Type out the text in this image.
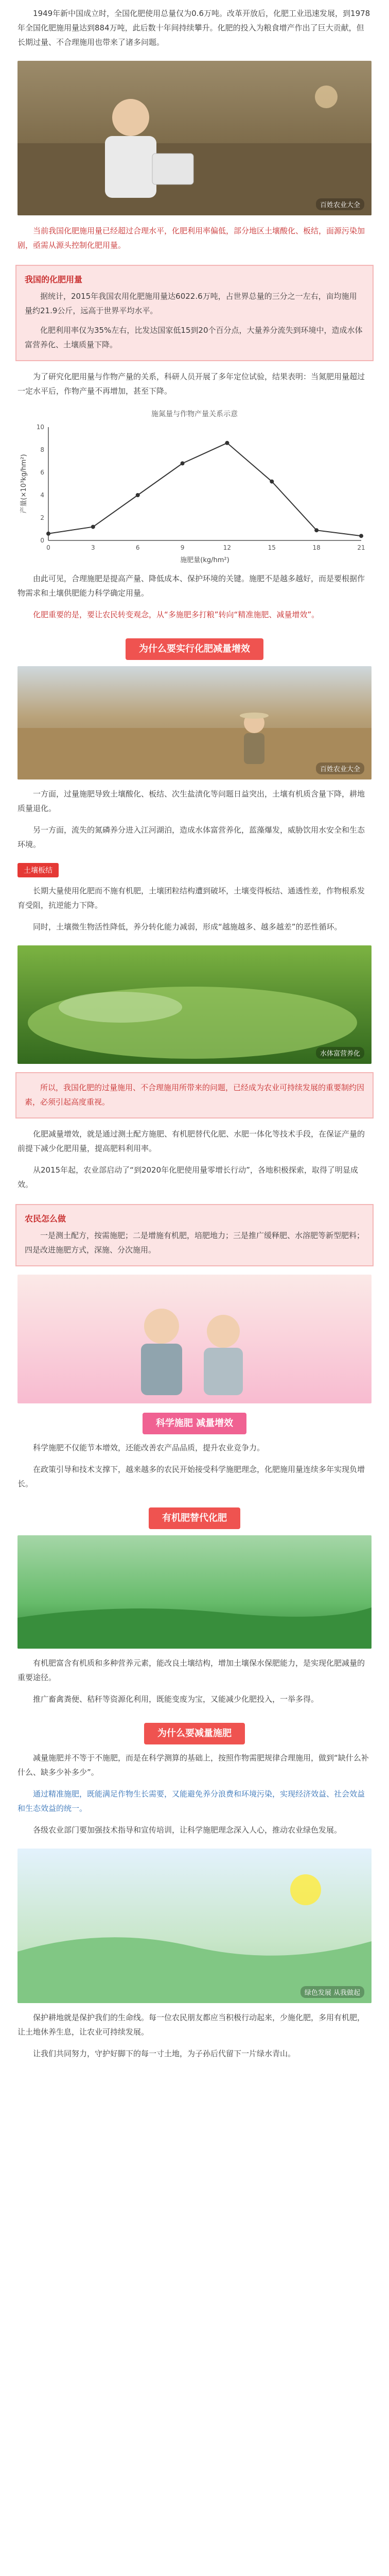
1949年新中国成立时，全国化肥使用总量仅为0.6万吨。改革开放后，化肥工业迅速发展，到1978年全国化肥施用量达到884万吨，此后数十年间持续攀升。化肥的投入为粮食增产作出了巨大贡献，但长期过量、不合理施用也带来了诸多问题。

百姓农业大全

当前我国化肥施用量已经超过合理水平，化肥利用率偏低，部分地区土壤酸化、板结，面源污染加剧，亟需从源头控制化肥用量。

我国的化肥用量

据统计，2015年我国农用化肥施用量达6022.6万吨，占世界总量的三分之一左右，亩均施用量约21.9公斤，远高于世界平均水平。

化肥利用率仅为35%左右，比发达国家低15到20个百分点，大量养分流失到环境中，造成水体富营养化、土壤质量下降。

为了研究化肥用量与作物产量的关系，科研人员开展了多年定位试验，结果表明：当氮肥用量超过一定水平后，作物产量不再增加，甚至下降。

施氮量与作物产量关系示意
0	3	6	9	12	15	18	21
0
2
4
6
8
10
施肥量(kg/hm²)
产量(×10³kg/hm²)

由此可见，合理施肥是提高产量、降低成本、保护环境的关键。施肥不是越多越好，而是要根据作物需求和土壤供肥能力科学确定用量。

化肥重要的是，要让农民转变观念，从“多施肥多打粮”转向“精准施肥、减量增效”。

为什么要实行化肥减量增效
百姓农业大全

一方面，过量施肥导致土壤酸化、板结、次生盐渍化等问题日益突出，土壤有机质含量下降，耕地质量退化。

另一方面，流失的氮磷养分进入江河湖泊，造成水体富营养化，蓝藻爆发，威胁饮用水安全和生态环境。

土壤板结

长期大量使用化肥而不施有机肥，土壤团粒结构遭到破坏，土壤变得板结、通透性差，作物根系发育受阻，抗逆能力下降。

同时，土壤微生物活性降低，养分转化能力减弱，形成“越施越多、越多越差”的恶性循环。

水体富营养化

所以，我国化肥的过量施用、不合理施用所带来的问题，已经成为农业可持续发展的重要制约因素，必须引起高度重视。

化肥减量增效，就是通过测土配方施肥、有机肥替代化肥、水肥一体化等技术手段，在保证产量的前提下减少化肥用量，提高肥料利用率。

从2015年起，农业部启动了“到2020年化肥使用量零增长行动”，各地积极探索，取得了明显成效。

农民怎么做

一是测土配方，按需施肥；二是增施有机肥，培肥地力；三是推广缓释肥、水溶肥等新型肥料；四是改进施肥方式，深施、分次施用。

科学施肥 减量增效

科学施肥不仅能节本增效，还能改善农产品品质，提升农业竞争力。

在政策引导和技术支撑下，越来越多的农民开始接受科学施肥理念，化肥施用量连续多年实现负增长。

有机肥替代化肥

有机肥富含有机质和多种营养元素，能改良土壤结构，增加土壤保水保肥能力，是实现化肥减量的重要途径。

推广畜禽粪便、秸秆等资源化利用，既能变废为宝，又能减少化肥投入，一举多得。

为什么要减量施肥

减量施肥并不等于不施肥，而是在科学测算的基础上，按照作物需肥规律合理施用，做到“缺什么补什么、缺多少补多少”。

通过精准施肥，既能满足作物生长需要，又能避免养分浪费和环境污染，实现经济效益、社会效益和生态效益的统一。

各级农业部门要加强技术指导和宣传培训，让科学施肥理念深入人心，推动农业绿色发展。

绿色发展 从我做起

保护耕地就是保护我们的生命线。每一位农民朋友都应当积极行动起来，少施化肥，多用有机肥，让土地休养生息，让农业可持续发展。

让我们共同努力，守护好脚下的每一寸土地，为子孙后代留下一片绿水青山。
